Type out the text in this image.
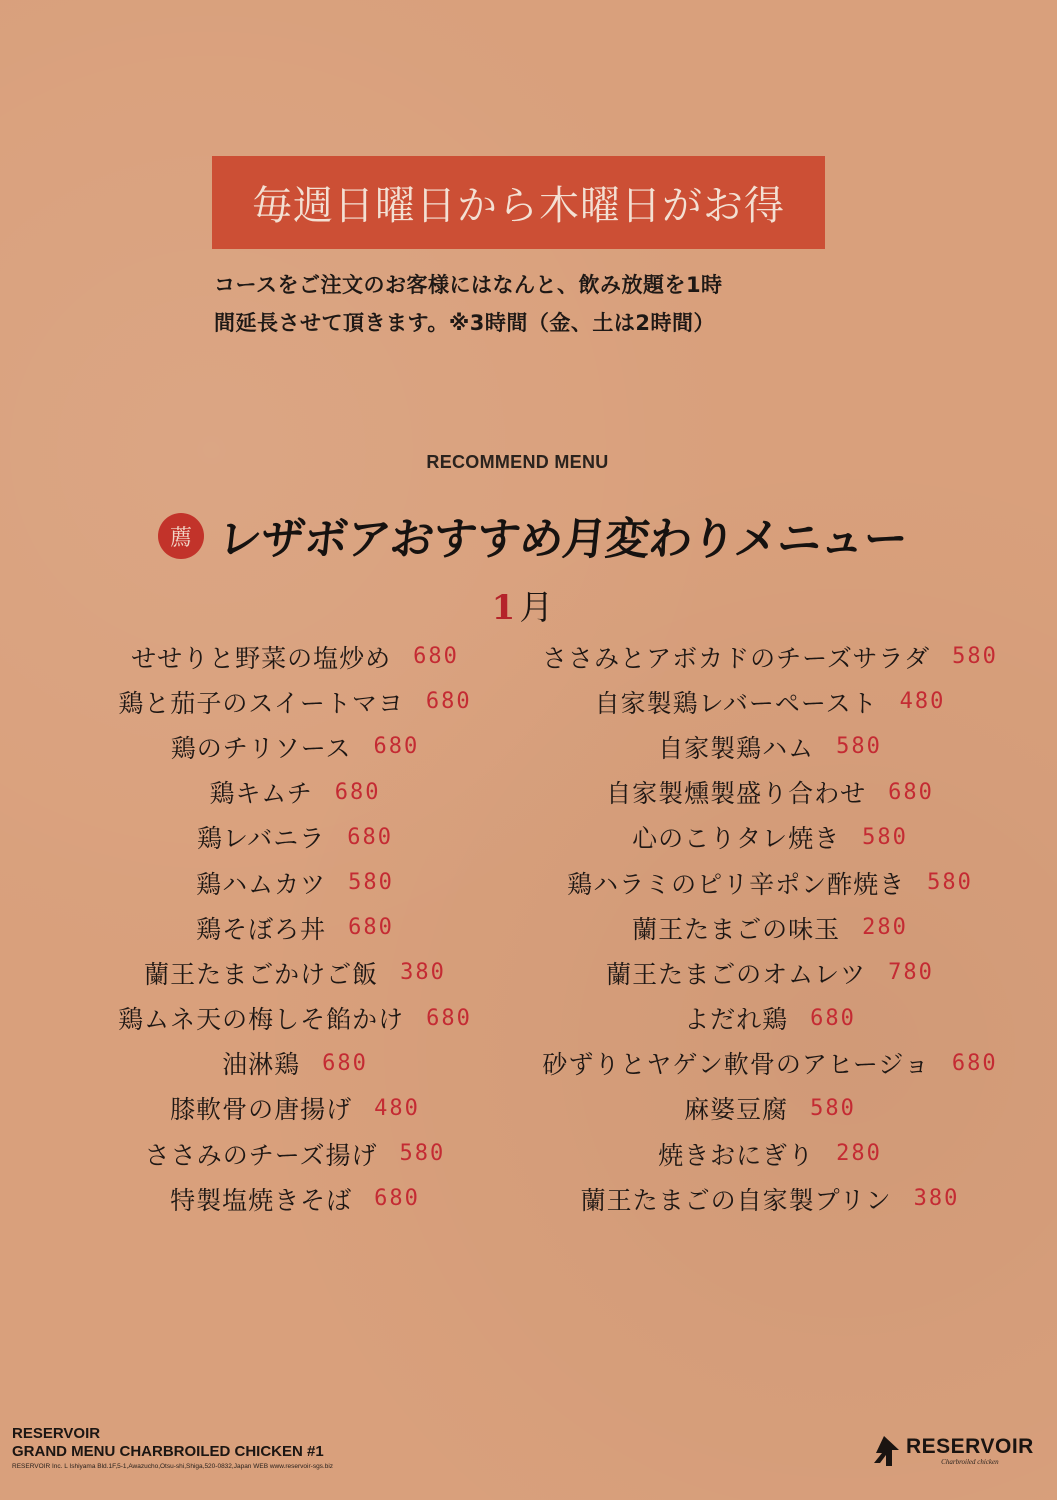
毎週日曜日から木曜日がお得
コースをご注文のお客様にはなんと、飲み放題を1時
間延長させて頂きます。※3時間（金、土は2時間）
RECOMMEND MENU
薦 レザボアおすすめ月変わりメニュー
1 月
せせりと野菜の塩炒め 680
鶏と茄子のスイートマヨ 680
鶏のチリソース 680
鶏キムチ 680
鶏レバニラ 680
鶏ハムカツ 580
鶏そぼろ丼 680
蘭王たまごかけご飯 380
鶏ムネ天の梅しそ餡かけ 680
油淋鶏 680
膝軟骨の唐揚げ 480
ささみのチーズ揚げ 580
特製塩焼きそば 680
ささみとアボカドのチーズサラダ 580
自家製鶏レバーペースト 480
自家製鶏ハム 580
自家製燻製盛り合わせ 680
心のこりタレ焼き 580
鶏ハラミのピリ辛ポン酢焼き 580
蘭王たまごの味玉 280
蘭王たまごのオムレツ 780
よだれ鶏 680
砂ずりとヤゲン軟骨のアヒージョ 680
麻婆豆腐 580
焼きおにぎり 280
蘭王たまごの自家製プリン 380
RESERVOIR
GRAND MENU CHARBROILED CHICKEN #1
RESERVOIR Inc. L Ishiyama Bld.1F,5-1,Awazucho,Otsu-shi,Shiga,520-0832,Japan WEB www.reservoir-sgs.biz
RESERVOIR
Charbroiled chicken
